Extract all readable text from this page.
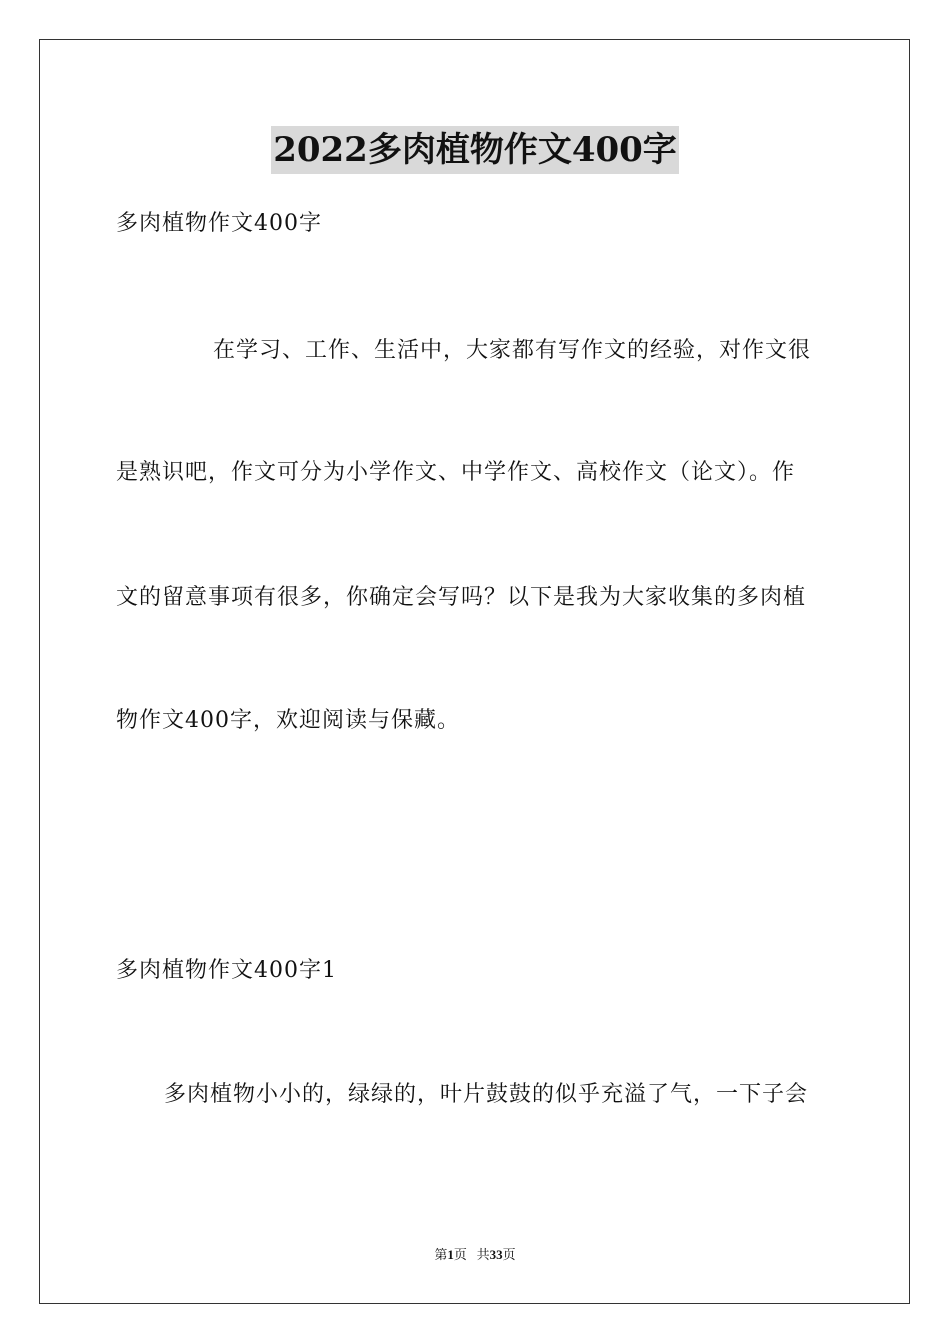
2022多肉植物作文400字
多肉植物作文400字
在学习、工作、生活中，大家都有写作文的经验，对作文很
是熟识吧，作文可分为小学作文、中学作文、高校作文（论文）。作
文的留意事项有很多，你确定会写吗？以下是我为大家收集的多肉植
物作文400字，欢迎阅读与保藏。
多肉植物作文400字1
多肉植物小小的，绿绿的，叶片鼓鼓的似乎充溢了气，一下子会
第1页 共33页
